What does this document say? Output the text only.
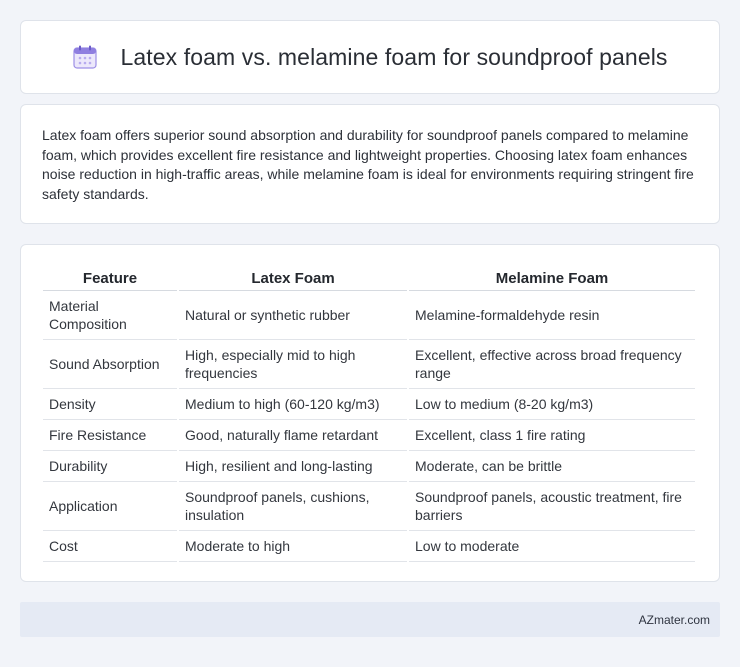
Latex foam vs. melamine foam for soundproof panels

Latex foam offers superior sound absorption and durability for soundproof panels compared to melamine foam, which provides excellent fire resistance and lightweight properties. Choosing latex foam enhances noise reduction in high-traffic areas, while melamine foam is ideal for environments requiring stringent fire safety standards.

Feature	Latex Foam	Melamine Foam
Material Composition	Natural or synthetic rubber	Melamine-formaldehyde resin
Sound Absorption	High, especially mid to high frequencies	Excellent, effective across broad frequency range
Density	Medium to high (60-120 kg/m3)	Low to medium (8-20 kg/m3)
Fire Resistance	Good, naturally flame retardant	Excellent, class 1 fire rating
Durability	High, resilient and long-lasting	Moderate, can be brittle
Application	Soundproof panels, cushions, insulation	Soundproof panels, acoustic treatment, fire barriers
Cost	Moderate to high	Low to moderate
AZmater.com
